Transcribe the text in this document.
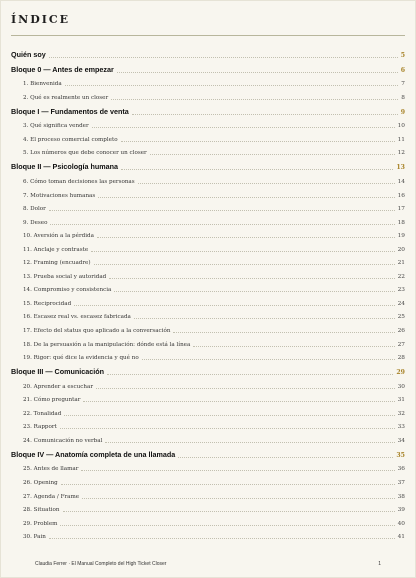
ÍNDICE
Quién soy	5
Bloque 0 — Antes de empezar	6
1. Bienvenida	7
2. Qué es realmente un closer	8
Bloque I — Fundamentos de venta	9
3. Qué significa vender	10
4. El proceso comercial completo	11
5. Los números que debe conocer un closer	12
Bloque II — Psicología humana	13
6. Cómo toman decisiones las personas	14
7. Motivaciones humanas	16
8. Dolor	17
9. Deseo	18
10. Aversión a la pérdida	19
11. Anclaje y contraste	20
12. Framing (encuadre)	21
13. Prueba social y autoridad	22
14. Compromiso y consistencia	23
15. Reciprocidad	24
16. Escasez real vs. escasez fabricada	25
17. Efecto del status quo aplicado a la conversación	26
18. De la persuasión a la manipulación: dónde está la línea	27
19. Rigor: qué dice la evidencia y qué no	28
Bloque III — Comunicación	29
20. Aprender a escuchar	30
21. Cómo preguntar	31
22. Tonalidad	32
23. Rapport	33
24. Comunicación no verbal	34
Bloque IV — Anatomía completa de una llamada	35
25. Antes de llamar	36
26. Opening	37
27. Agenda / Frame	38
28. Situation	39
29. Problem	40
30. Pain	41
Claudia Ferrer · El Manual Completo del High Ticket Closer	1
